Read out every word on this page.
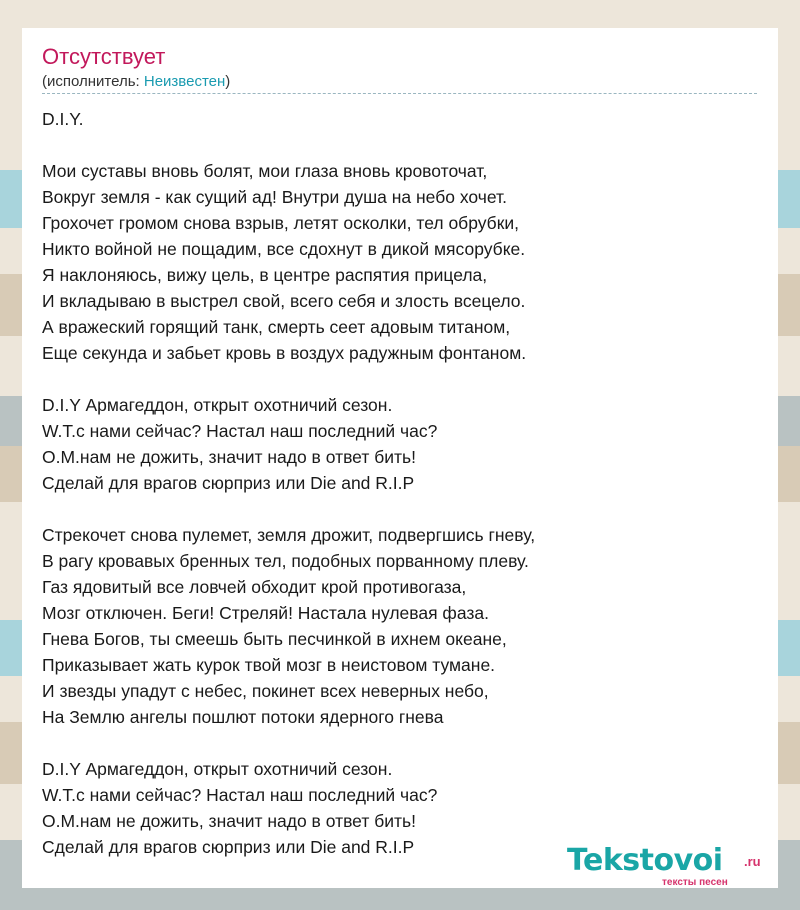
Отсутствует
(исполнитель: Неизвестен)
D.I.Y.
Мои суставы вновь болят, мои глаза вновь кровоточат,
Вокруг земля - как сущий ад! Внутри душа на небо хочет.
Грохочет громом снова взрыв, летят осколки, тел обрубки,
Никто войной не пощадим, все сдохнут в дикой мясорубке.
Я наклоняюсь, вижу цель, в центре распятия прицела,
И вкладываю в выстрел свой, всего себя и злость всецело.
А вражеский горящий танк, смерть сеет адовым титаном,
Еще секунда и забьет кровь в воздух радужным фонтаном.
D.I.Y Армагеддон, открыт охотничий сезон.
W.T.c нами сейчас? Настал наш последний час?
O.M.нам не дожить, значит надо в ответ бить!
Сделай для врагов сюрприз или Die and R.I.P
Стрекочет снова пулемет, земля дрожит, подвергшись гневу,
В рагу кровавых бренных тел, подобных порванному плеву.
Газ ядовитый все ловчей обходит крой противогаза,
Мозг отключен. Беги! Стреляй! Настала нулевая фаза.
Гнева Богов, ты смеешь быть песчинкой в ихнем океане,
Приказывает жать курок твой мозг в неистовом тумане.
И звезды упадут с небес, покинет всех неверных небо,
На Землю ангелы пошлют потоки ядерного гнева
D.I.Y Армагеддон, открыт охотничий сезон.
W.T.c нами сейчас? Настал наш последний час?
O.M.нам не дожить, значит надо в ответ бить!
Сделай для врагов сюрприз или Die and R.I.P	Tekstovoi .ru
тексты песен
